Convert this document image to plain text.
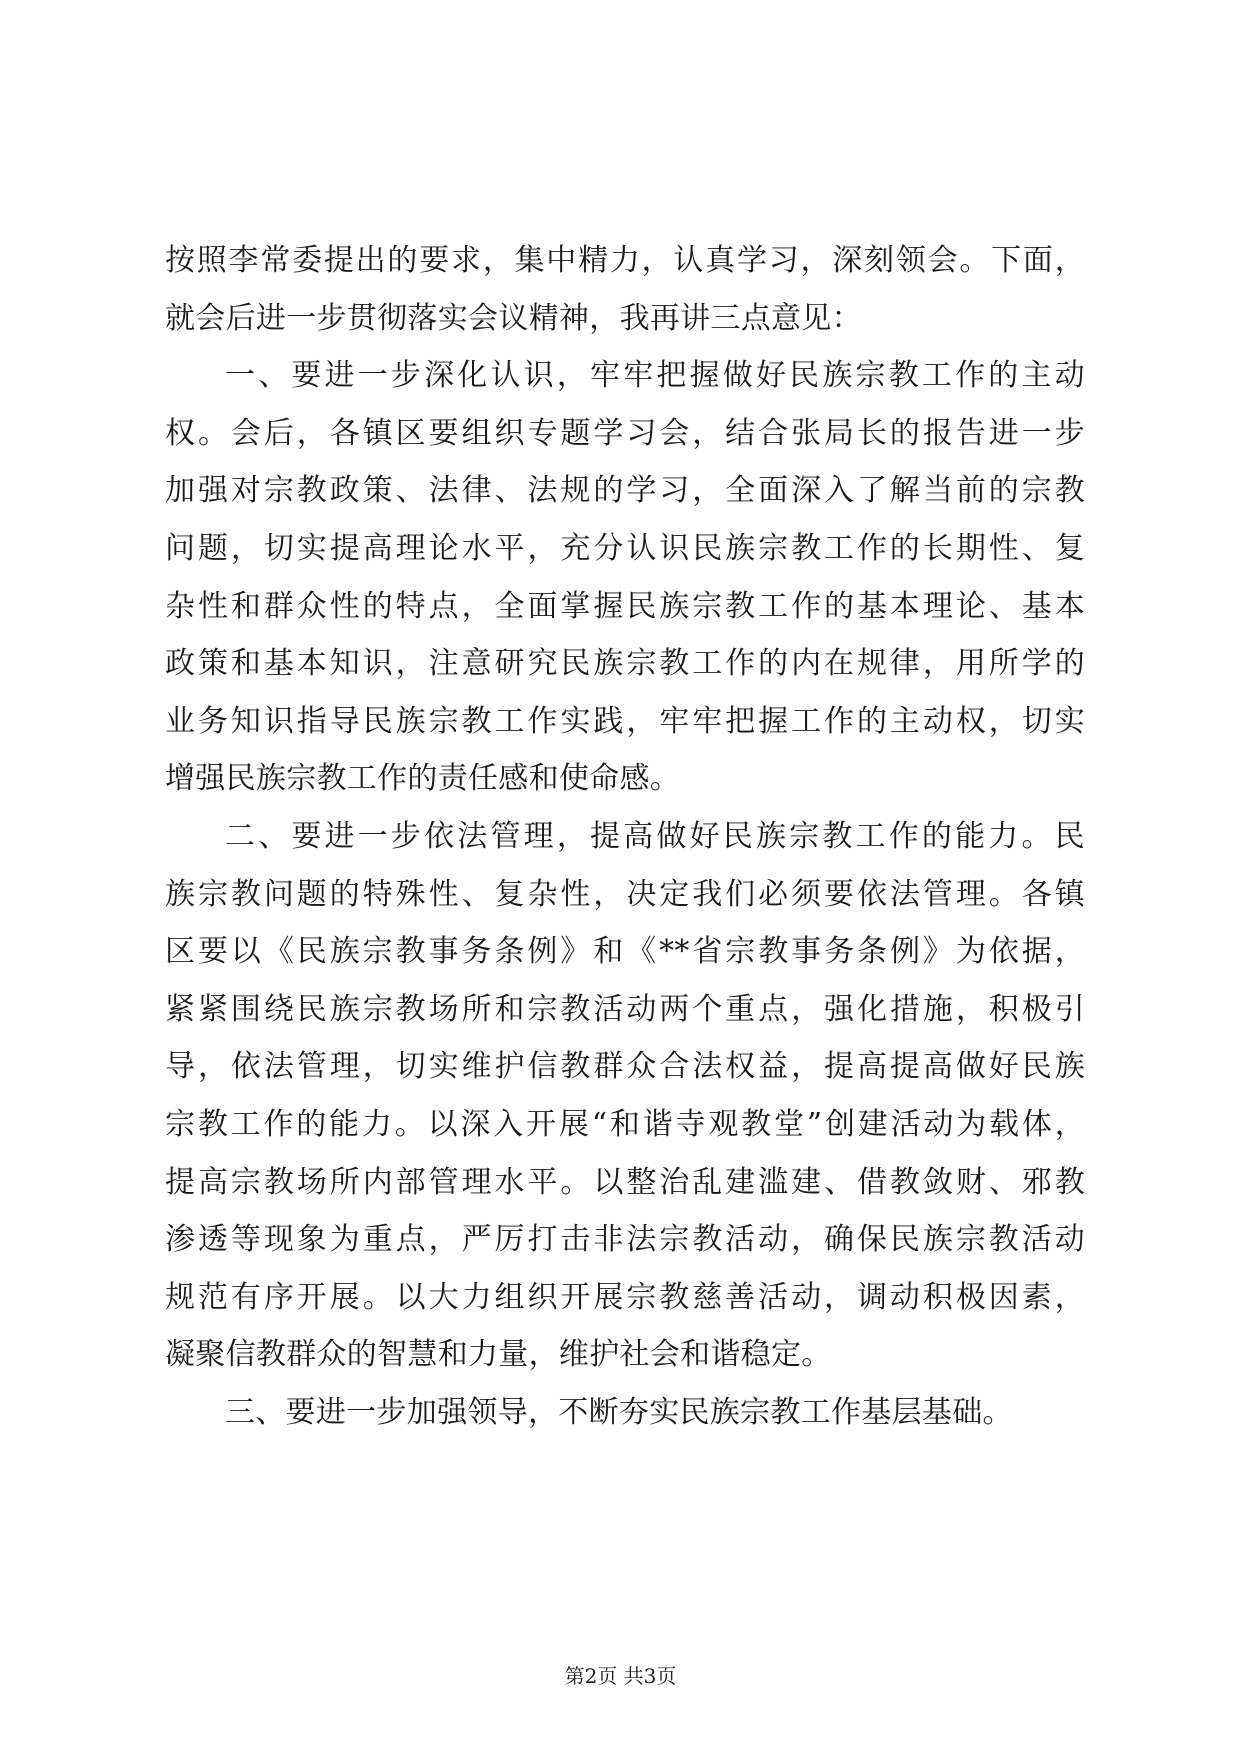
按照李常委提出的要求，集中精力，认真学习，深刻领会。下面，
就会后进一步贯彻落实会议精神，我再讲三点意见：
一、要进一步深化认识，牢牢把握做好民族宗教工作的主动
权。会后，各镇区要组织专题学习会，结合张局长的报告进一步
加强对宗教政策、法律、法规的学习，全面深入了解当前的宗教
问题，切实提高理论水平，充分认识民族宗教工作的长期性、复
杂性和群众性的特点，全面掌握民族宗教工作的基本理论、基本
政策和基本知识，注意研究民族宗教工作的内在规律，用所学的
业务知识指导民族宗教工作实践，牢牢把握工作的主动权，切实
增强民族宗教工作的责任感和使命感。
二、要进一步依法管理，提高做好民族宗教工作的能力。民
族宗教问题的特殊性、复杂性，决定我们必须要依法管理。各镇
区要以《民族宗教事务条例》和《**省宗教事务条例》为依据，
紧紧围绕民族宗教场所和宗教活动两个重点，强化措施，积极引
导，依法管理，切实维护信教群众合法权益，提高提高做好民族
宗教工作的能力。以深入开展“和谐寺观教堂”创建活动为载体，
提高宗教场所内部管理水平。以整治乱建滥建、借教敛财、邪教
渗透等现象为重点，严厉打击非法宗教活动，确保民族宗教活动
规范有序开展。以大力组织开展宗教慈善活动，调动积极因素，
凝聚信教群众的智慧和力量，维护社会和谐稳定。
三、要进一步加强领导，不断夯实民族宗教工作基层基础。
第2页 共3页
